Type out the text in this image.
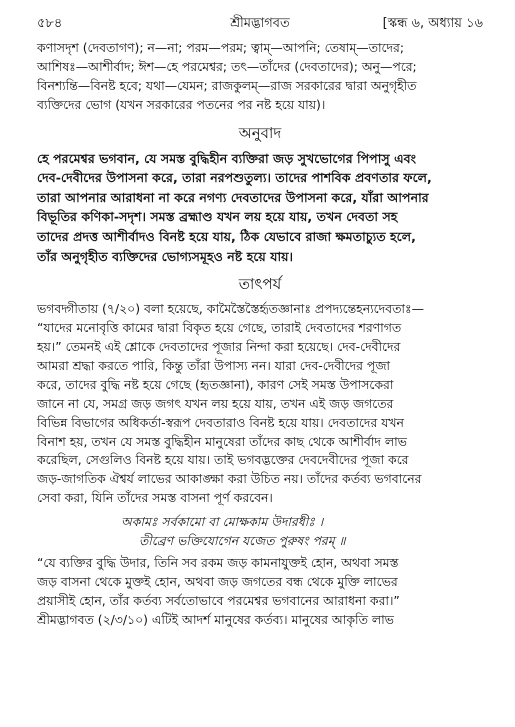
৫৮৪	শ্রীমদ্ভাগবত	[স্কন্ধ ৬, অধ্যায় ১৬

কণাসদৃশ (দেবতাগণ); ন—না; পরম—পরম; ত্বাম্—আপনি; তেষাম্—তাদের;

আশিষঃ—আশীর্বাদ; ঈশ—হে পরমেশ্বর; তৎ—তাঁদের (দেবতাদের); অনু—পরে;

বিনশ্যন্তি—বিনষ্ট হবে; যথা—যেমন; রাজকুলম্—রাজ সরকারের দ্বারা অনুগৃহীত

ব্যক্তিদের ভোগ (যখন সরকারের পতনের পর নষ্ট হয়ে যায়)।

অনুবাদ

হে পরমেশ্বর ভগবান, যে সমস্ত বুদ্ধিহীন ব্যক্তিরা জড় সুখভোগের পিপাসু এবং

দেব-দেবীদের উপাসনা করে, তারা নরপশুতুল্য। তাদের পাশবিক প্রবণতার ফলে,

তারা আপনার আরাধনা না করে নগণ্য দেবতাদের উপাসনা করে, যাঁরা আপনার

বিভূতির কণিকা-সদৃশ। সমস্ত ব্রহ্মাণ্ড যখন লয় হয়ে যায়, তখন দেবতা সহ

তাদের প্রদত্ত আশীর্বাদও বিনষ্ট হয়ে যায়, ঠিক যেভাবে রাজা ক্ষমতাচ্যুত হলে,

তাঁর অনুগৃহীত ব্যক্তিদের ভোগ্যসমূহও নষ্ট হয়ে যায়।

তাৎপর্য

ভগবদ্গীতায় (৭/২০) বলা হয়েছে, কামৈস্তৈস্তৈর্হৃতজ্ঞানাঃ প্রপদ্যন্তেহন্যদেবতাঃ—

“যাদের মনোবৃত্তি কামের দ্বারা বিকৃত হয়ে গেছে, তারাই দেবতাদের শরণাগত

হয়।” তেমনই এই শ্লোকে দেবতাদের পূজার নিন্দা করা হয়েছে। দেব-দেবীদের

আমরা শ্রদ্ধা করতে পারি, কিন্তু তাঁরা উপাস্য নন। যারা দেব-দেবীদের পূজা

করে, তাদের বুদ্ধি নষ্ট হয়ে গেছে (হৃতজ্ঞানা), কারণ সেই সমস্ত উপাসকেরা

জানে না যে, সমগ্র জড় জগৎ যখন লয় হয়ে যায়, তখন এই জড় জগতের

বিভিন্ন বিভাগের অধিকর্তা-স্বরূপ দেবতারাও বিনষ্ট হয়ে যায়। দেবতাদের যখন

বিনাশ হয়, তখন যে সমস্ত বুদ্ধিহীন মানুষেরা তাঁদের কাছ থেকে আশীর্বাদ লাভ

করেছিল, সেগুলিও বিনষ্ট হয়ে যায়। তাই ভগবদ্ভক্তের দেবদেবীদের পূজা করে

জড়-জাগতিক ঐশ্বর্য লাভের আকাঙ্ক্ষা করা উচিত নয়। তাঁদের কর্তব্য ভগবানের

সেবা করা, যিনি তাঁদের সমস্ত বাসনা পূর্ণ করবেন।

অকামঃ সর্বকামো বা মোক্ষকাম উদারধীঃ ।

তীব্রেণ ভক্তিযোগেন যজেত পুরুষং পরম্ ॥

“যে ব্যক্তির বুদ্ধি উদার, তিনি সব রকম জড় কামনাযুক্তই হোন, অথবা সমস্ত

জড় বাসনা থেকে মুক্তই হোন, অথবা জড় জগতের বন্ধ থেকে মুক্তি লাভের

প্রয়াসীই হোন, তাঁর কর্তব্য সর্বতোভাবে পরমেশ্বর ভগবানের আরাধনা করা।”

শ্রীমদ্ভাগবত (২/৩/১০) এটিই আদর্শ মানুষের কর্তব্য। মানুষের আকৃতি লাভ
